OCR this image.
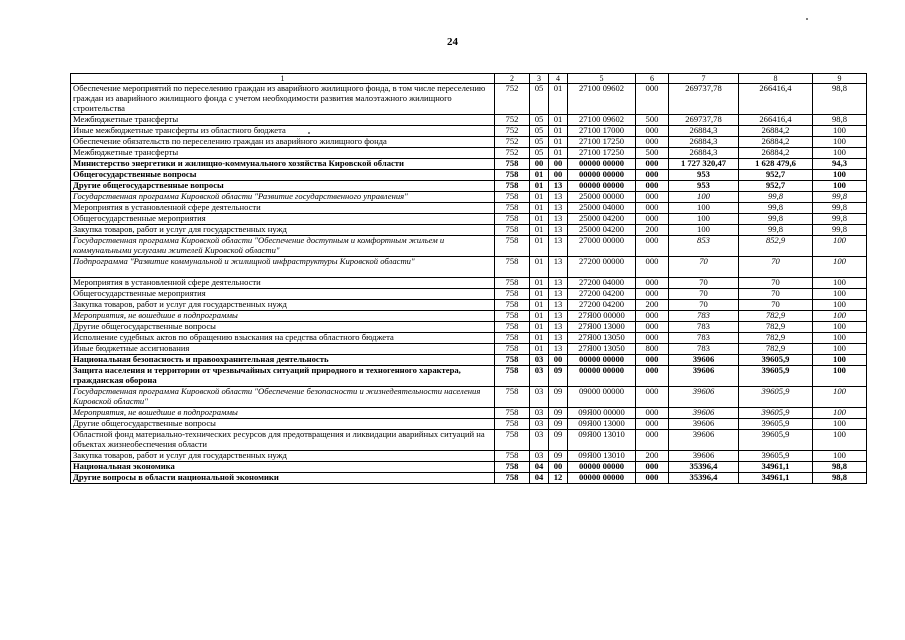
24
1	2	3	4	5	6	7	8	9
Обеспечение мероприятий по переселению граждан из аварийного жилищного фонда, в том числе переселению граждан из аварийного жилищного фонда с учетом необходимости развития малоэтажного жилищного строительства	752	05	01	27100 09602	000	269737,78	266416,4	98,8
Межбюджетные трансферты	752	05	01	27100 09602	500	269737,78	266416,4	98,8
Иные межбюджетные трансферты из областного бюджета	752	05	01	27100 17000	000	26884,3	26884,2	100
Обеспечение обязательств по переселению граждан из аварийного жилищного фонда	752	05	01	27100 17250	000	26884,3	26884,2	100
Межбюджетные трансферты	752	05	01	27100 17250	500	26884,3	26884,2	100
Министерство энергетики и жилищно-коммунального хозяйства Кировской области	758	00	00	00000 00000	000	1 727 320,47	1 628 479,6	94,3
Общегосударственные вопросы	758	01	00	00000 00000	000	953	952,7	100
Другие общегосударственные вопросы	758	01	13	00000 00000	000	953	952,7	100
Государственная программа Кировской области "Развитие государственного управления"	758	01	13	25000 00000	000	100	99,8	99,8
Мероприятия в установленной сфере деятельности	758	01	13	25000 04000	000	100	99,8	99,8
Общегосударственные мероприятия	758	01	13	25000 04200	000	100	99,8	99,8
Закупка товаров, работ и услуг для государственных нужд	758	01	13	25000 04200	200	100	99,8	99,8
Государственная программа Кировской области "Обеспечение доступным и комфортным жильем и коммунальными услугами жителей Кировской области"	758	01	13	27000 00000	000	853	852,9	100
Подпрограмма "Развитие коммунальной и жилищной инфраструктуры Кировской области"	758	01	13	27200 00000	000	70	70	100
Мероприятия в установленной сфере деятельности	758	01	13	27200 04000	000	70	70	100
Общегосударственные мероприятия	758	01	13	27200 04200	000	70	70	100
Закупка товаров, работ и услуг для государственных нужд	758	01	13	27200 04200	200	70	70	100
Мероприятия, не вошедшие в подпрограммы	758	01	13	27Я00 00000	000	783	782,9	100
Другие общегосударственные вопросы	758	01	13	27Я00 13000	000	783	782,9	100
Исполнение судебных актов по обращению взыскания на средства областного бюджета	758	01	13	27Я00 13050	000	783	782,9	100
Иные бюджетные ассигнования	758	01	13	27Я00 13050	800	783	782,9	100
Национальная безопасность и правоохранительная деятельность	758	03	00	00000 00000	000	39606	39605,9	100
Защита населения и территории от чрезвычайных ситуаций природного и техногенного характера, гражданская оборона	758	03	09	00000 00000	000	39606	39605,9	100
Государственная программа Кировской области "Обеспечение безопасности и жизнедеятельности населения Кировской области"	758	03	09	09000 00000	000	39606	39605,9	100
Мероприятия, не вошедшие в подпрограммы	758	03	09	09Я00 00000	000	39606	39605,9	100
Другие общегосударственные вопросы	758	03	09	09Я00 13000	000	39606	39605,9	100
Областной фонд материально-технических ресурсов для предотвращения и ликвидации аварийных ситуаций на объектах жизнеобеспечения области	758	03	09	09Я00 13010	000	39606	39605,9	100
Закупка товаров, работ и услуг для государственных нужд	758	03	09	09Я00 13010	200	39606	39605,9	100
Национальная экономика	758	04	00	00000 00000	000	35396,4	34961,1	98,8
Другие вопросы в области национальной экономики	758	04	12	00000 00000	000	35396,4	34961,1	98,8
